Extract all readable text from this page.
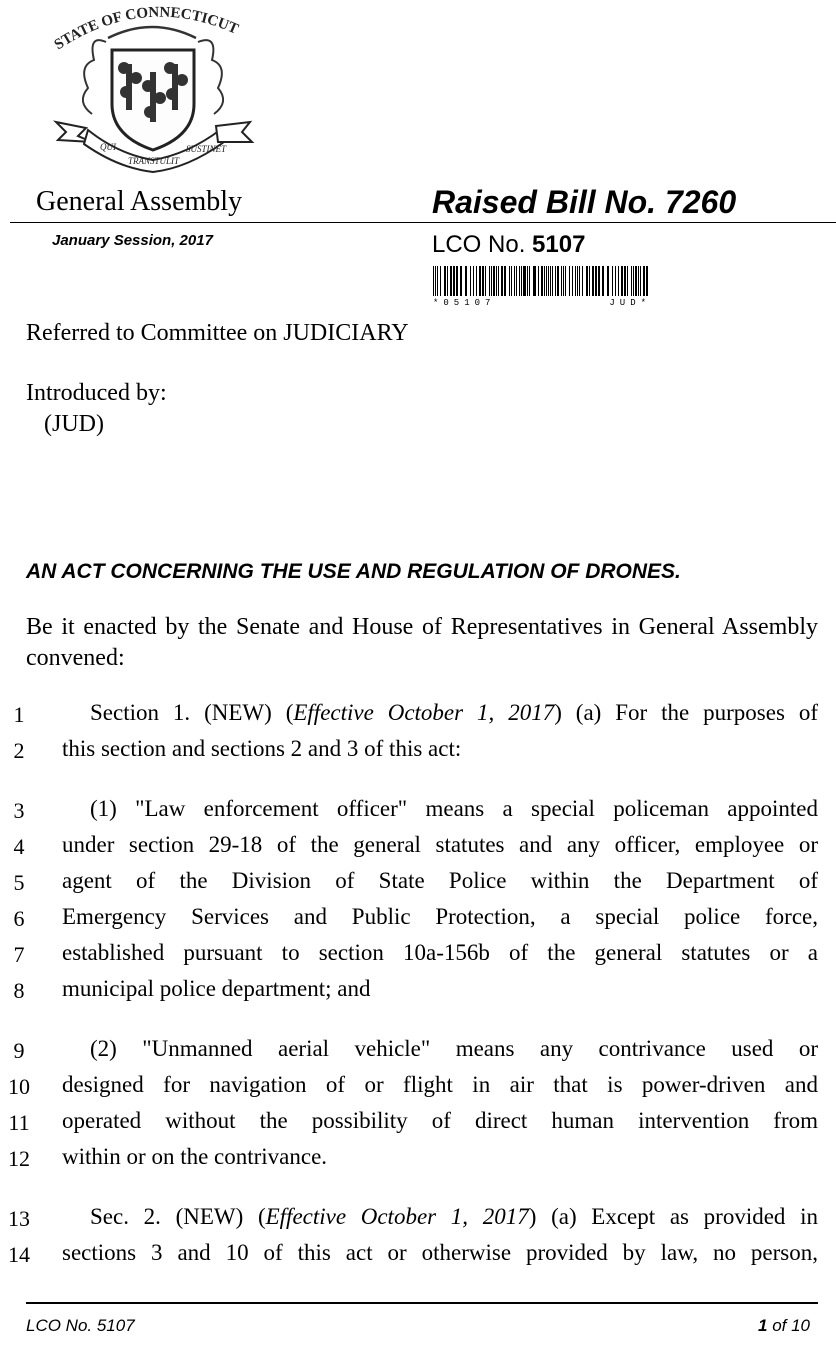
STATE OF CONNECTICUT
QUI
TRANSTULIT
SUSTINET
General Assembly	Raised Bill No. 7260
January Session, 2017	LCO No. 5107
*05107	JUD*
Referred to Committee on JUDICIARY
Introduced by:
(JUD)
AN ACT CONCERNING THE USE AND REGULATION OF DRONES.
Be it enacted by the Senate and House of Representatives in General Assembly convened:
1	Section 1. (NEW) (Effective October 1, 2017) (a) For the purposes of
2 this section and sections 2 and 3 of this act:
3	(1) "Law enforcement officer" means a special policeman appointed
4 under section 29-18 of the general statutes and any officer, employee or
5 agent of the Division of State Police within the Department of
6 Emergency Services and Public Protection, a special police force,
7 established pursuant to section 10a-156b of the general statutes or a
8 municipal police department; and
9	(2) "Unmanned aerial vehicle" means any contrivance used or
10 designed for navigation of or flight in air that is power-driven and
11 operated without the possibility of direct human intervention from
12 within or on the contrivance.
13	Sec. 2. (NEW) (Effective October 1, 2017) (a) Except as provided in
14 sections 3 and 10 of this act or otherwise provided by law, no person,
LCO No. 5107	1 of 10
